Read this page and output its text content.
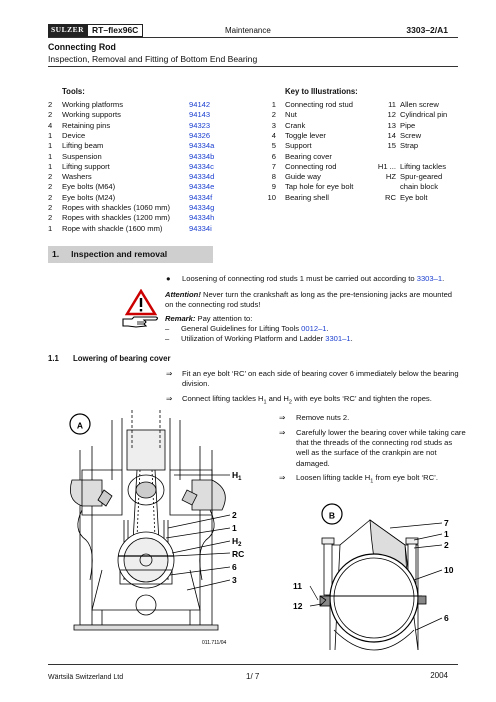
SULZER RT–flex96C	Maintenance	3303–2/A1
Connecting Rod
Inspection, Removal and Fitting of Bottom End Bearing
Tools:	Key to Illustrations:
2	Working platforms	94142
2	Working supports	94143
4	Retaining pins	94323
1	Device	94326
1	Lifting beam	94334a
1	Suspension	94334b
1	Lifting support	94334c
2	Washers	94334d
2	Eye bolts (M64)	94334e
2	Eye bolts (M24)	94334f
2	Ropes with shackles (1060 mm) 94334g
2	Ropes with shackles (1200 mm) 94334h
1	Rope with shackle (1600 mm)	94334i
1 Connecting rod stud
2 Nut
3 Crank
4 Toggle lever
5 Support
6 Bearing cover
7 Connecting rod
8 Guide way
9 Tap hole for eye bolt
10 Bearing shell
11 Allen screw
12 Cylindrical pin
13 Pipe
14 Screw
15 Strap
H1 ... Lifting tackles
HZ Spur-geared
chain block
RC Eye bolt
1. Inspection and removal
● Loosening of connecting rod studs 1 must be carried out according to 3303–1.
Attention! Never turn the crankshaft as long as the pre-tensioning jacks are mounted on the connecting rod studs!
Remark: Pay attention to:
– General Guidelines for Lifting Tools 0012–1.
– Utilization of Working Platform and Ladder 3301–1.
1.1 Lowering of bearing cover
⇒ Fit an eye bolt ‘RC’ on each side of bearing cover 6 immediately below the bearing division.
⇒ Connect lifting tackles $H_1$ and $H_2$ with eye bolts ‘RC’ and tighten the ropes.
⇒ Remove nuts 2.
⇒ Carefully lower the bearing cover while taking care that the threads of the connecting rod studs as well as the surface of the crankpin are not damaged.
⇒ Loosen lifting tackle $H_1$ from eye bolt ‘RC’.
A
$H_1$
2
1
$H_2$
RC
6
3
011.711/04
B
7
1
2
10
11
12
6
Wärtsilä Switzerland Ltd	1/ 7	2004
